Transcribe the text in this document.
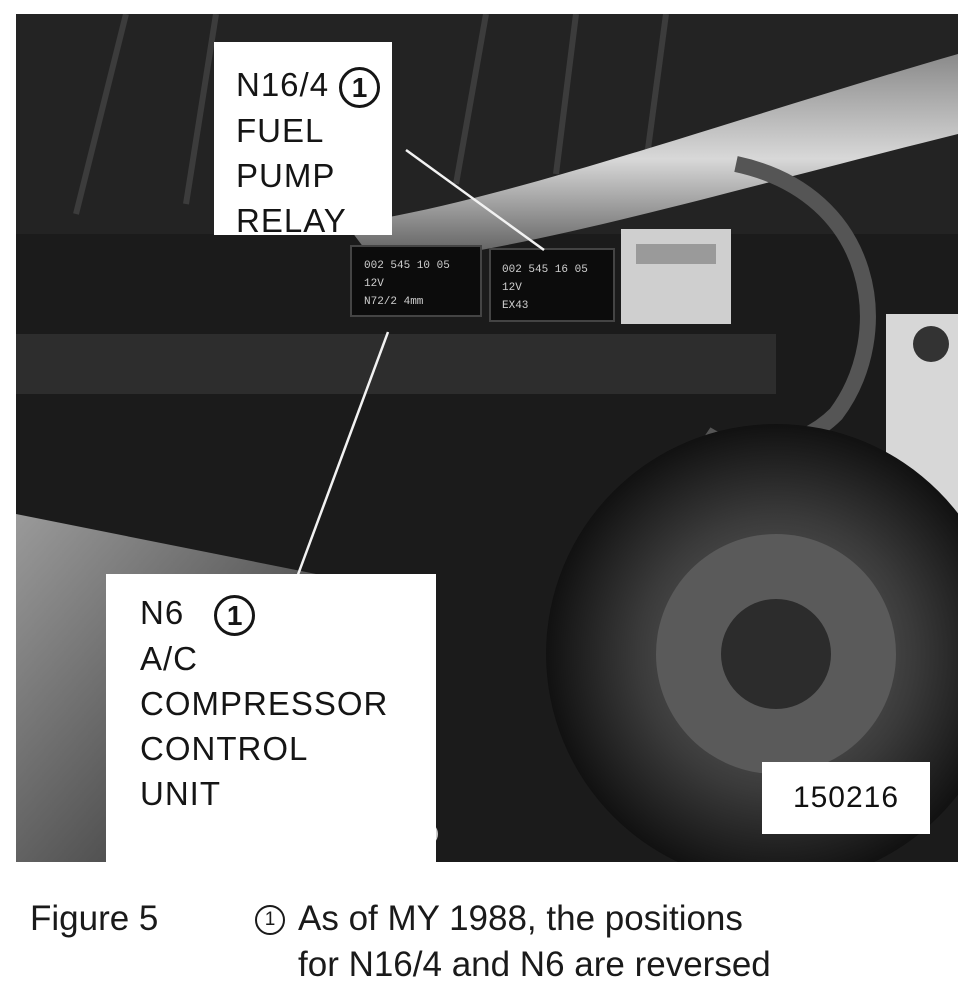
002 545 10 05
12V
N72/2 4mm
002 545 16 05
12V
EX43
N16/4 1
FUEL
PUMP
RELAY
N6 1
A/C
COMPRESSOR
CONTROL
UNIT	150216
Figure 5	1 As of MY 1988, the positions
for N16/4 and N6 are reversed
